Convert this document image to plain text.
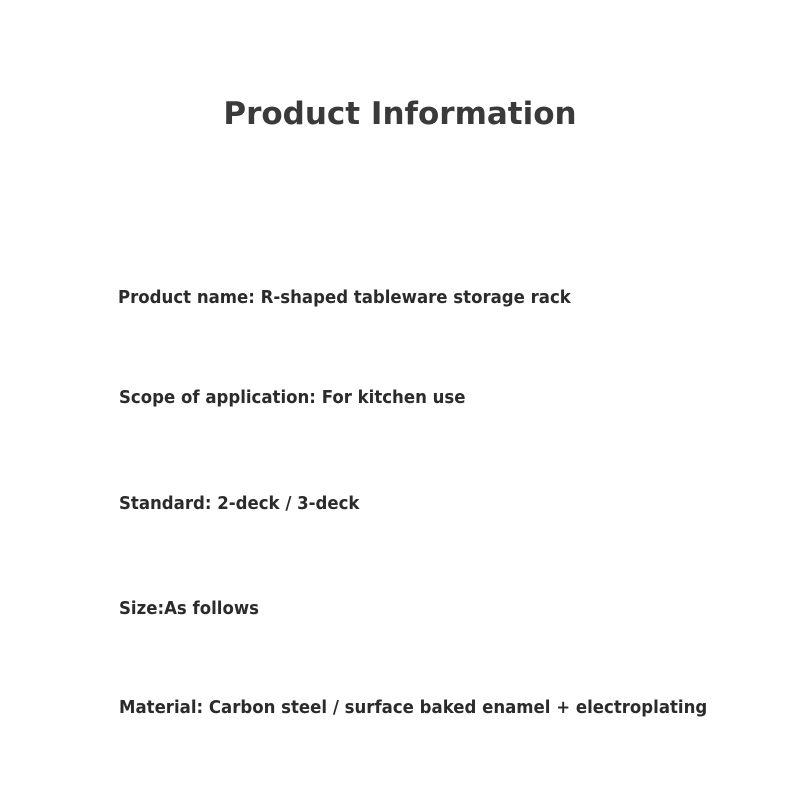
Product Information
Product name: R-shaped tableware storage rack
Scope of application: For kitchen use
Standard: 2-deck / 3-deck
Size:As follows
Material: Carbon steel / surface baked enamel + electroplating
